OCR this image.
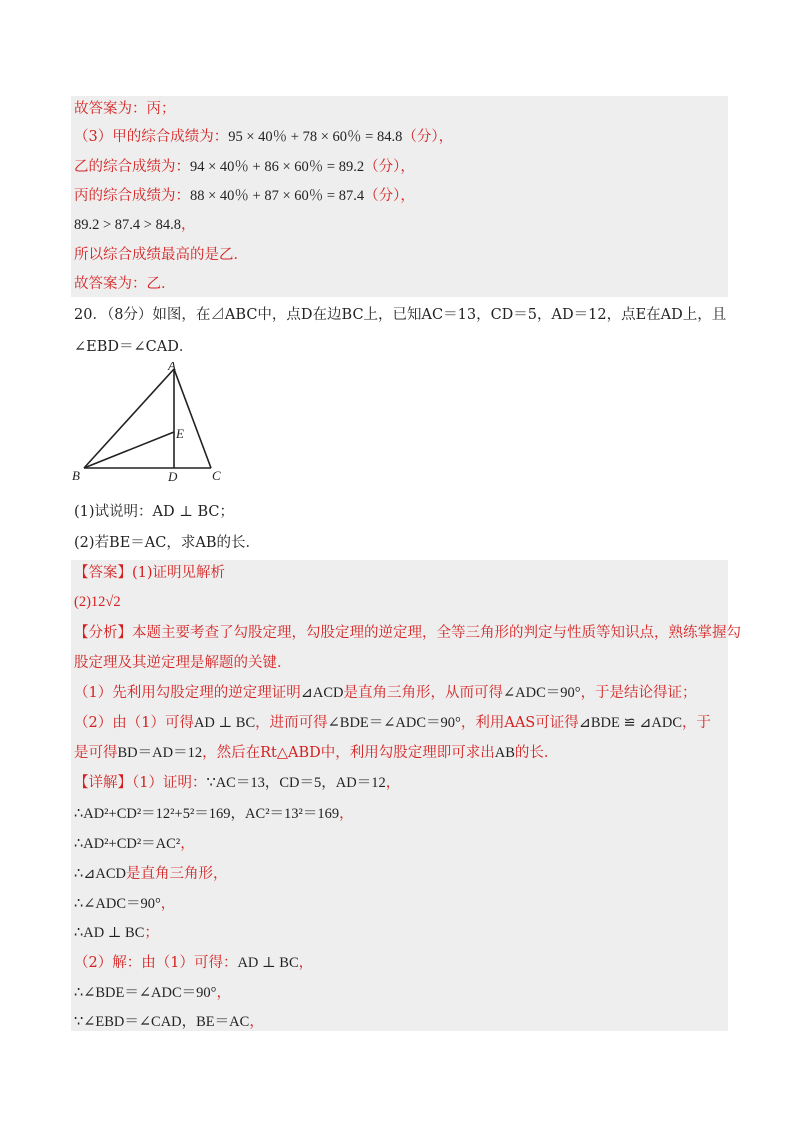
故答案为：丙；
（3）甲的综合成绩为：95 × 40％ + 78 × 60％ = 84.8（分），
乙的综合成绩为：94 × 40％ + 86 × 60％ = 89.2（分），
丙的综合成绩为：88 × 40％ + 87 × 60％ = 87.4（分），
89.2 > 87.4 > 84.8，
所以综合成绩最高的是乙．
故答案为：乙．
20．（8分）如图，在⊿ABC中，点D在边BC上，已知AC＝13，CD＝5，AD＝12，点E在AD上，且
∠EBD＝∠CAD．
A
B	C
D
E
(1)试说明：AD ⊥ BC；
(2)若BE＝AC，求AB的长．
【答案】(1)证明见解析
(2)12√2
【分析】本题主要考查了勾股定理，勾股定理的逆定理，全等三角形的判定与性质等知识点，熟练掌握勾
股定理及其逆定理是解题的关键．
（1）先利用勾股定理的逆定理证明⊿ACD是直角三角形，从而可得∠ADC＝90°，于是结论得证；
（2）由（1）可得AD ⊥ BC，进而可得∠BDE＝∠ADC＝90°，利用AAS可证得⊿BDE ≌ ⊿ADC，于
是可得BD＝AD＝12，然后在Rt△ABD中，利用勾股定理即可求出AB的长．
【详解】（1）证明：∵AC＝13，CD＝5，AD＝12，
∴AD²+CD²＝12²+5²＝169，AC²＝13²＝169，
∴AD²+CD²＝AC²，
∴⊿ACD是直角三角形，
∴∠ADC＝90°，
∴AD ⊥ BC；
（2）解：由（1）可得：AD ⊥ BC，
∴∠BDE＝∠ADC＝90°，
∵∠EBD＝∠CAD，BE＝AC，
